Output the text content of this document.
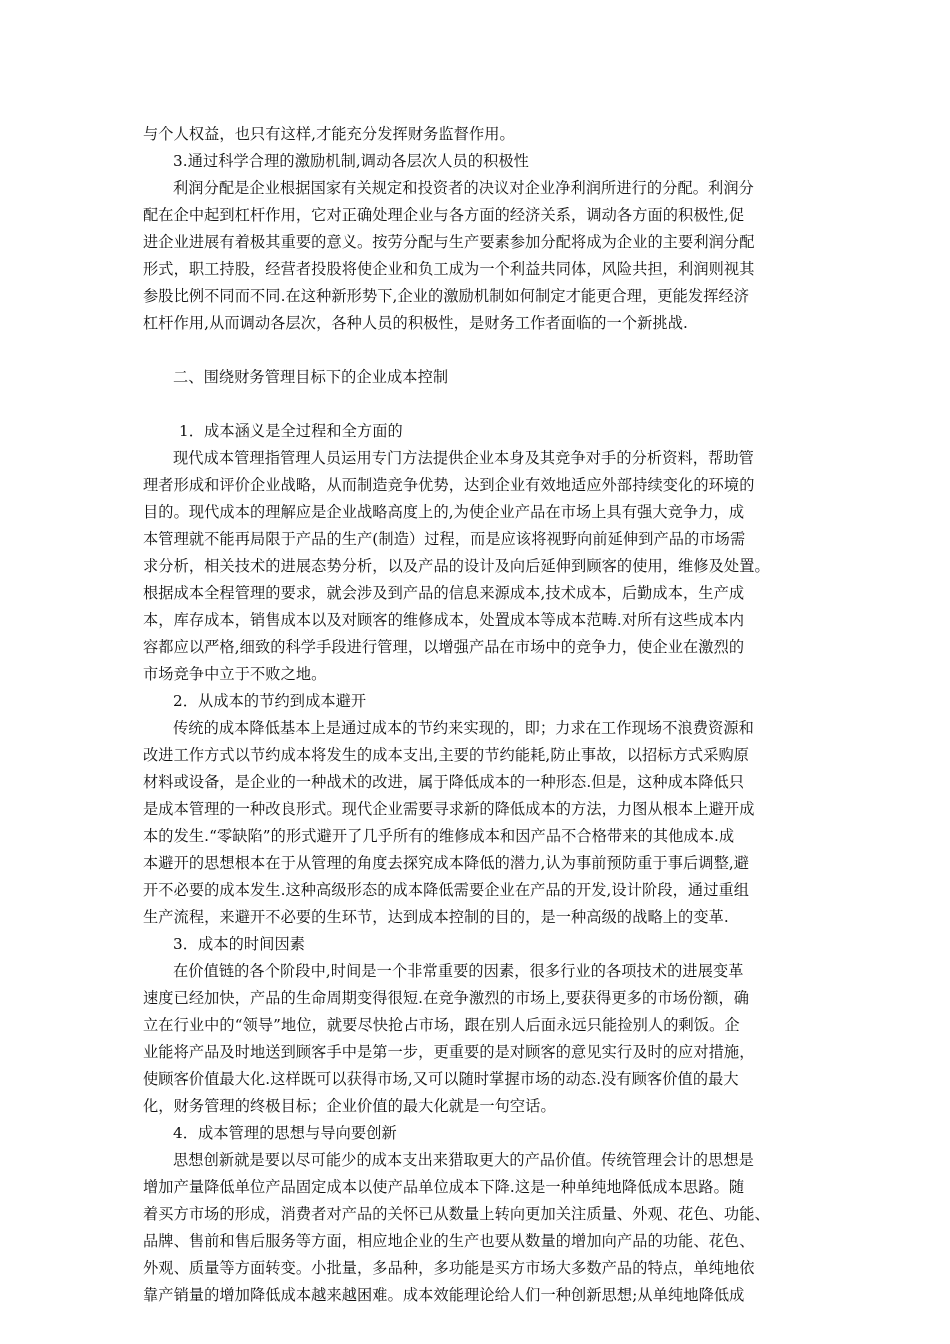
与个人权益，也只有这样,才能充分发挥财务监督作用。
3.通过科学合理的激励机制,调动各层次人员的积极性
利润分配是企业根据国家有关规定和投资者的决议对企业净利润所进行的分配。利润分
配在企中起到杠杆作用，它对正确处理企业与各方面的经济关系，调动各方面的积极性,促
进企业进展有着极其重要的意义。按劳分配与生产要素参加分配将成为企业的主要利润分配
形式，职工持股，经营者投股将使企业和负工成为一个利益共同体，风险共担，利润则视其
参股比例不同而不同.在这种新形势下,企业的激励机制如何制定才能更合理，更能发挥经济
杠杆作用,从而调动各层次，各种人员的积极性，是财务工作者面临的一个新挑战.
二、围绕财务管理目标下的企业成本控制
1．成本涵义是全过程和全方面的
现代成本管理指管理人员运用专门方法提供企业本身及其竞争对手的分析资料，帮助管
理者形成和评价企业战略，从而制造竞争优势，达到企业有效地适应外部持续变化的环境的
目的。现代成本的理解应是企业战略高度上的,为使企业产品在市场上具有强大竞争力，成
本管理就不能再局限于产品的生产(制造）过程，而是应该将视野向前延伸到产品的市场需
求分析，相关技术的进展态势分析，以及产品的设计及向后延伸到顾客的使用，维修及处置。
根据成本全程管理的要求，就会涉及到产品的信息来源成本,技术成本，后勤成本，生产成
本，库存成本，销售成本以及对顾客的维修成本，处置成本等成本范畴.对所有这些成本内
容都应以严格,细致的科学手段进行管理，以增强产品在市场中的竞争力，使企业在激烈的
市场竞争中立于不败之地。
2．从成本的节约到成本避开
传统的成本降低基本上是通过成本的节约来实现的，即；力求在工作现场不浪费资源和
改进工作方式以节约成本将发生的成本支出,主要的节约能耗,防止事故，以招标方式采购原
材料或设备，是企业的一种战术的改进，属于降低成本的一种形态.但是，这种成本降低只
是成本管理的一种改良形式。现代企业需要寻求新的降低成本的方法，力图从根本上避开成
本的发生.“零缺陷”的形式避开了几乎所有的维修成本和因产品不合格带来的其他成本.成
本避开的思想根本在于从管理的角度去探究成本降低的潜力,认为事前预防重于事后调整,避
开不必要的成本发生.这种高级形态的成本降低需要企业在产品的开发,设计阶段，通过重组
生产流程，来避开不必要的生环节，达到成本控制的目的，是一种高级的战略上的变革.
3．成本的时间因素
在价值链的各个阶段中,时间是一个非常重要的因素，很多行业的各项技术的进展变革
速度已经加快，产品的生命周期变得很短.在竞争激烈的市场上,要获得更多的市场份额，确
立在行业中的“领导”地位，就要尽快抢占市场，跟在别人后面永远只能捡别人的剩饭。企
业能将产品及时地送到顾客手中是第一步，更重要的是对顾客的意见实行及时的应对措施，
使顾客价值最大化.这样既可以获得市场,又可以随时掌握市场的动态.没有顾客价值的最大
化，财务管理的终极目标；企业价值的最大化就是一句空话。
4．成本管理的思想与导向要创新
思想创新就是要以尽可能少的成本支出来猎取更大的产品价值。传统管理会计的思想是
增加产量降低单位产品固定成本以使产品单位成本下降.这是一种单纯地降低成本思路。随
着买方市场的形成，消费者对产品的关怀已从数量上转向更加关注质量、外观、花色、功能、
品牌、售前和售后服务等方面，相应地企业的生产也要从数量的增加向产品的功能、花色、
外观、质量等方面转变。小批量，多品种，多功能是买方市场大多数产品的特点，单纯地依
靠产销量的增加降低成本越来越困难。成本效能理论给人们一种创新思想;从单纯地降低成
